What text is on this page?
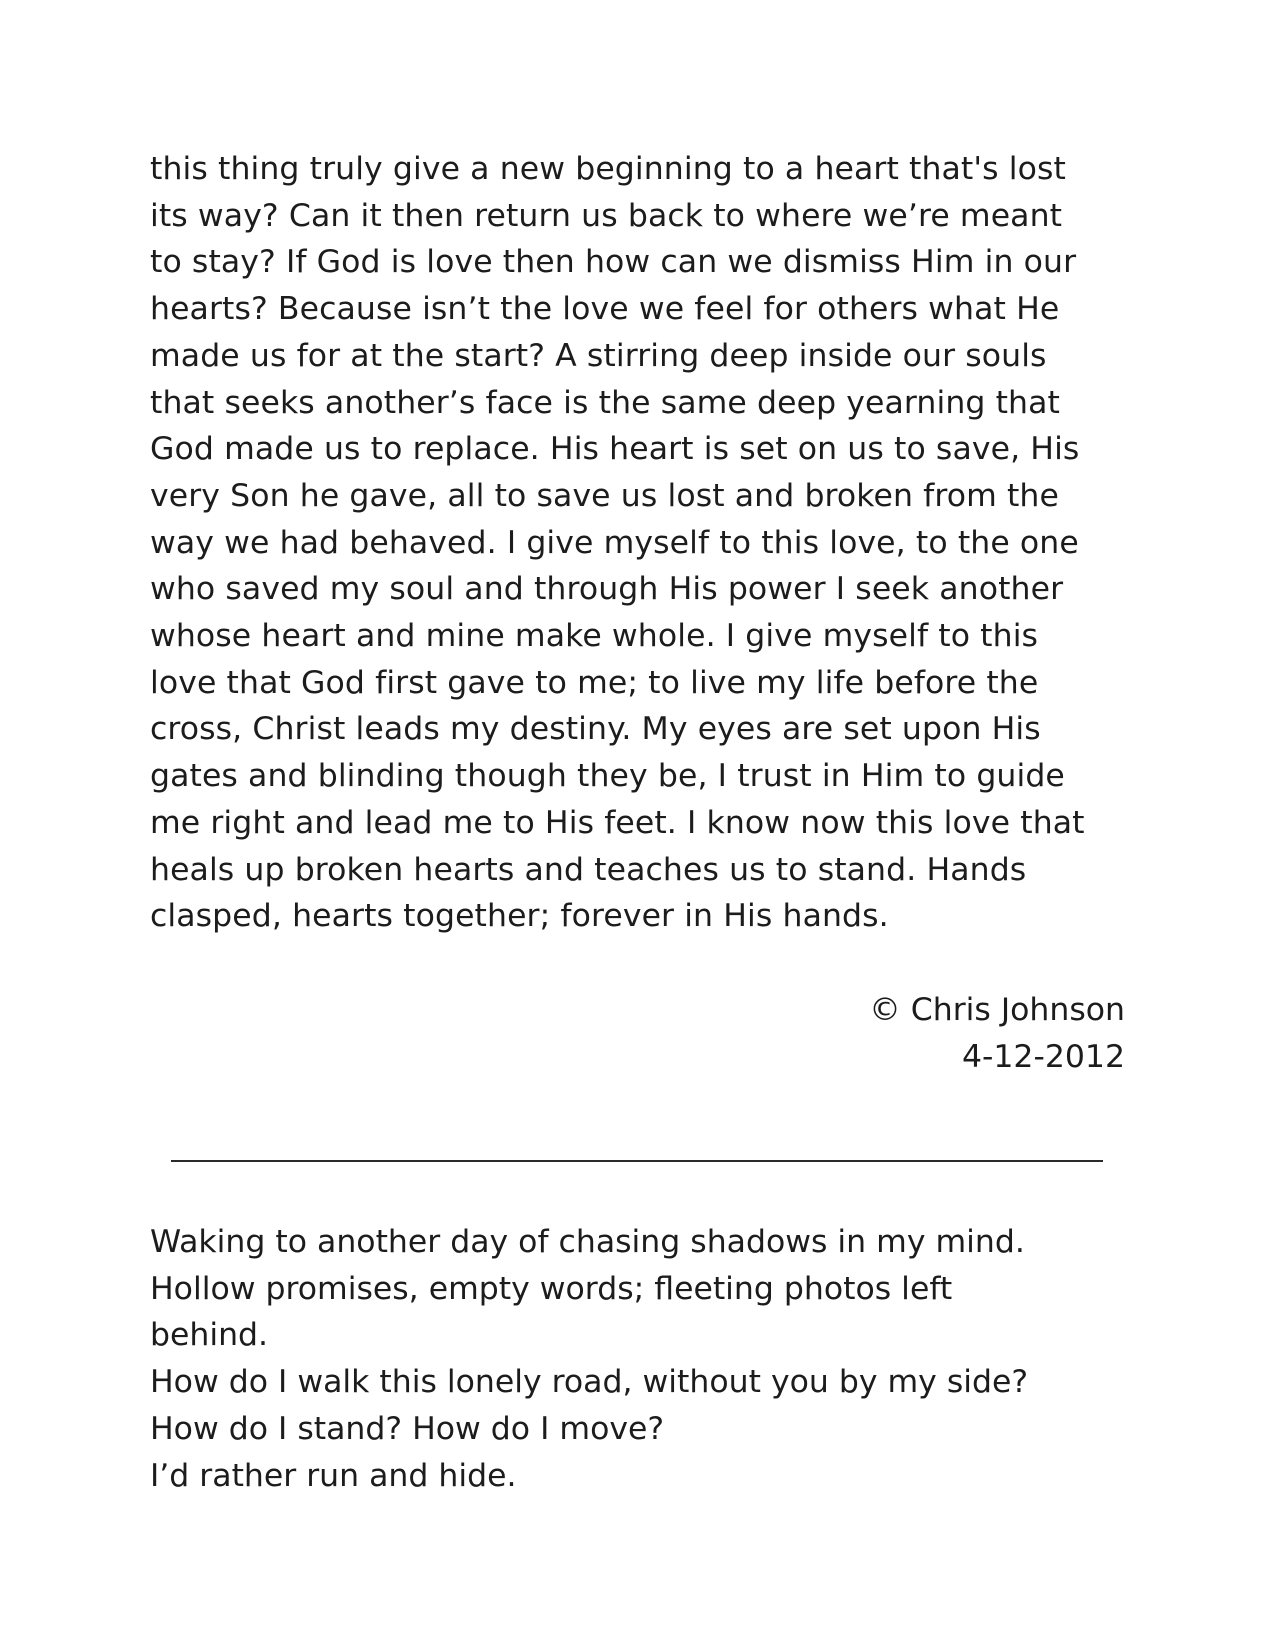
this thing truly give a new beginning to a heart that's lost
its way? Can it then return us back to where we’re meant
to stay? If God is love then how can we dismiss Him in our
hearts? Because isn’t the love we feel for others what He
made us for at the start? A stirring deep inside our souls
that seeks another’s face is the same deep yearning that
God made us to replace. His heart is set on us to save, His
very Son he gave, all to save us lost and broken from the
way we had behaved. I give myself to this love, to the one
who saved my soul and through His power I seek another
whose heart and mine make whole. I give myself to this
love that God first gave to me; to live my life before the
cross, Christ leads my destiny. My eyes are set upon His
gates and blinding though they be, I trust in Him to guide
me right and lead me to His feet. I know now this love that
heals up broken hearts and teaches us to stand. Hands
clasped, hearts together; forever in His hands.
© Chris Johnson
4-12-2012
Waking to another day of chasing shadows in my mind.
Hollow promises, empty words; fleeting photos left
behind.
How do I walk this lonely road, without you by my side?
How do I stand? How do I move?
I’d rather run and hide.
